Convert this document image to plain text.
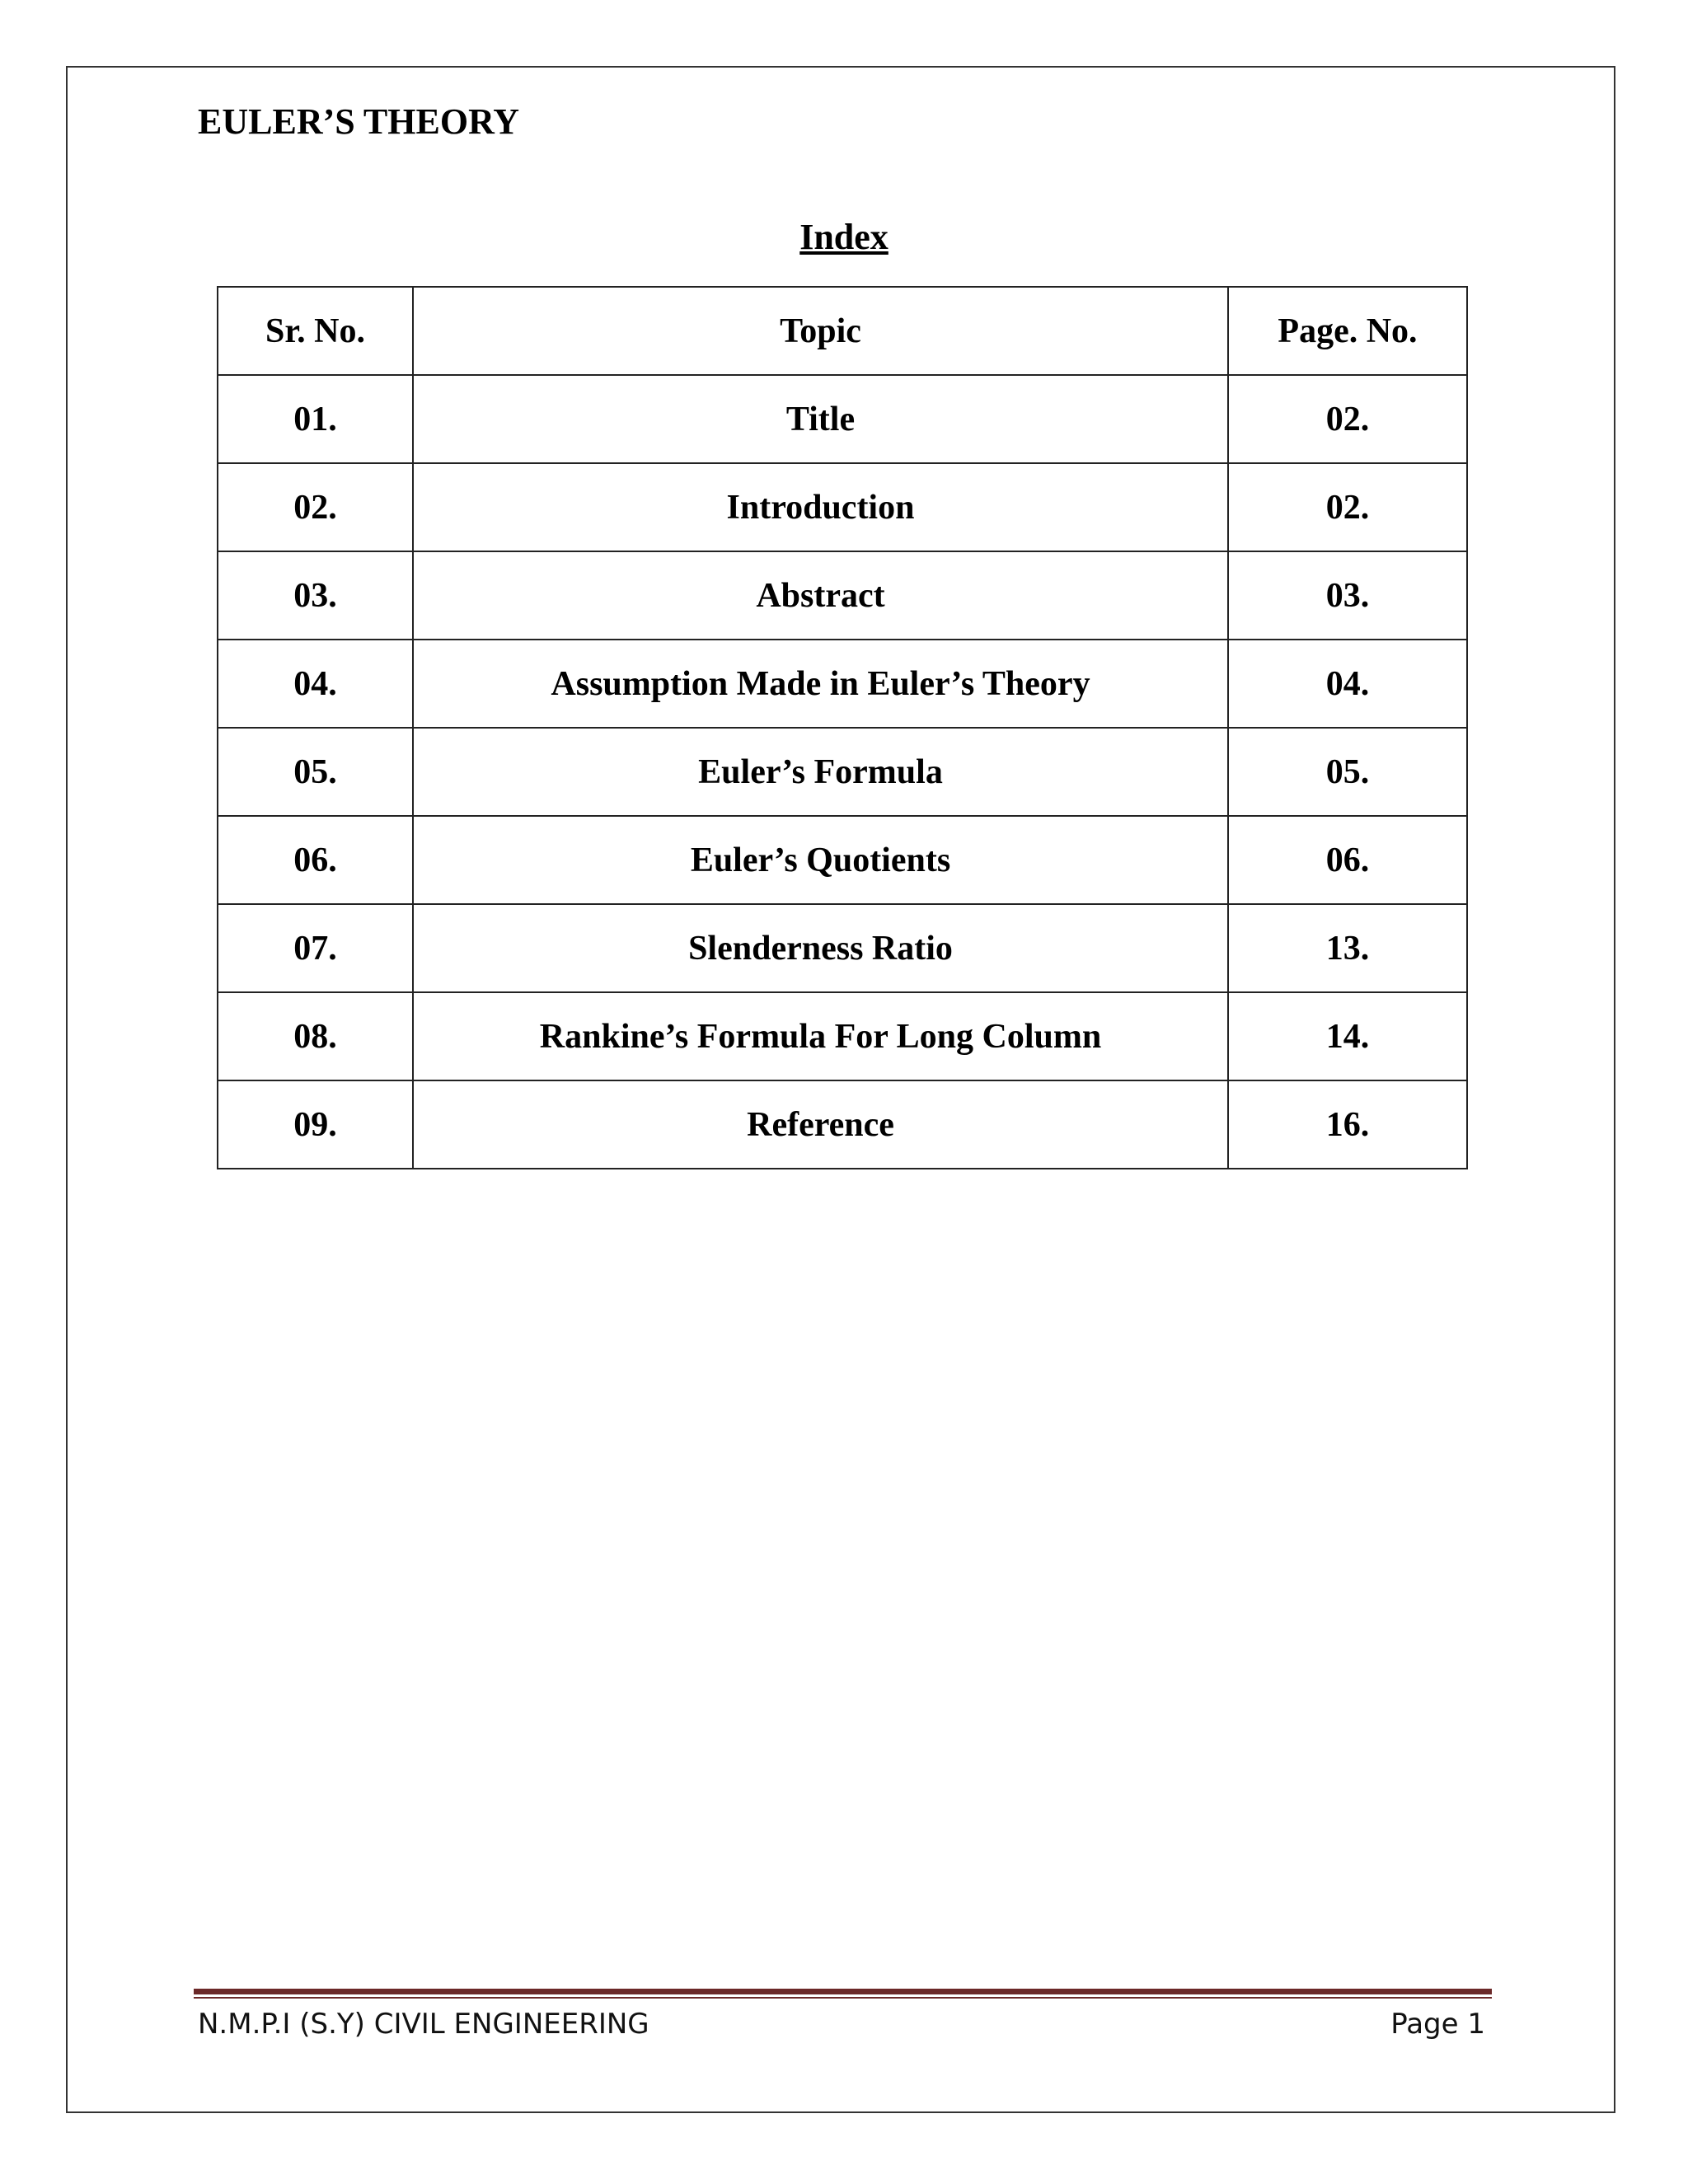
EULER’S THEORY
Index
Sr. No.	Topic	Page. No.
01.	Title	02.
02.	Introduction	02.
03.	Abstract	03.
04.	Assumption Made in Euler’s Theory	04.
05.	Euler’s Formula	05.
06.	Euler’s Quotients	06.
07.	Slenderness Ratio	13.
08.	Rankine’s Formula For Long Column	14.
09.	Reference	16.
N.M.P.I (S.Y) CIVIL ENGINEERING	Page 1
